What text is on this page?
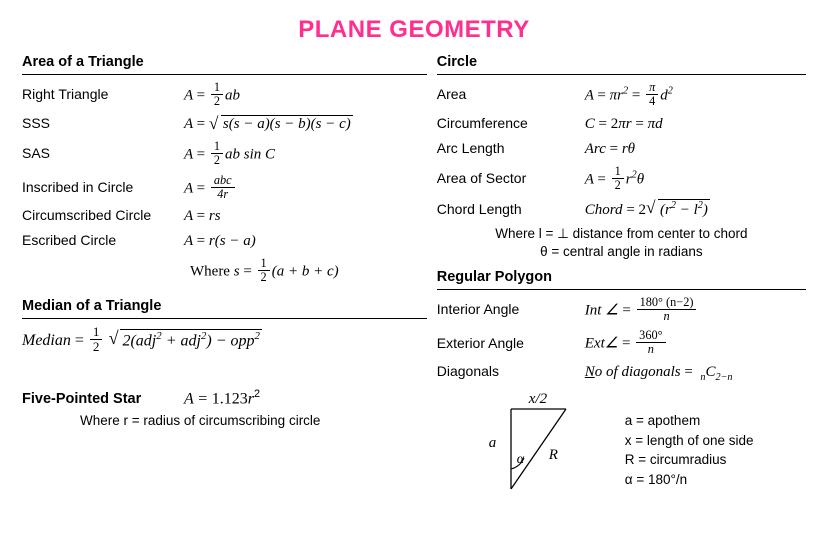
PLANE GEOMETRY
Area of a Triangle
Right Triangle	$A = \frac{1}{2}$ ab
SSS	A = √ s(s − a)(s − b)(s − c)
SAS	$A = \frac{1}{2}$ ab sin C
Inscribed in Circle	$A = \frac{\text{abc}}{4r}$
Circumscribed Circle	A = rs
Escribed Circle	A = r(s − a)
Where $s = \frac{1}{2} (a + b + c)$
Median of a Triangle
Median = $\frac{1}{2}$ √ 2(adj$^2$ + adj$^2$) − opp$^2$
Five-Pointed Star	$A = 1.123r^2$
Where r = radius of circumscribing circle
Circle
Area	$A = \pi r^2 = \frac{\pi}{4} d^2$
Circumference	C = 2πr = πd
Arc Length	Arc = rθ
Area of Sector	$A = \frac{1}{2} r^2\theta$
Chord Length	Chord = 2 √ $(r^2 - l^2)$
Where l = ⊥ distance from center to chord
θ = central angle in radians
Regular Polygon
Interior Angle	Int ∠ = $\frac{180^\circ (n-2)}{n}$
Exterior Angle	Ext∠ = $\frac{360^\circ}{n}$
Diagonals	No of diagonals = $_nC_{2-n}$
x/2
a
α R
a = apothem
x = length of one side
R = circumradius
α = 180°/n
